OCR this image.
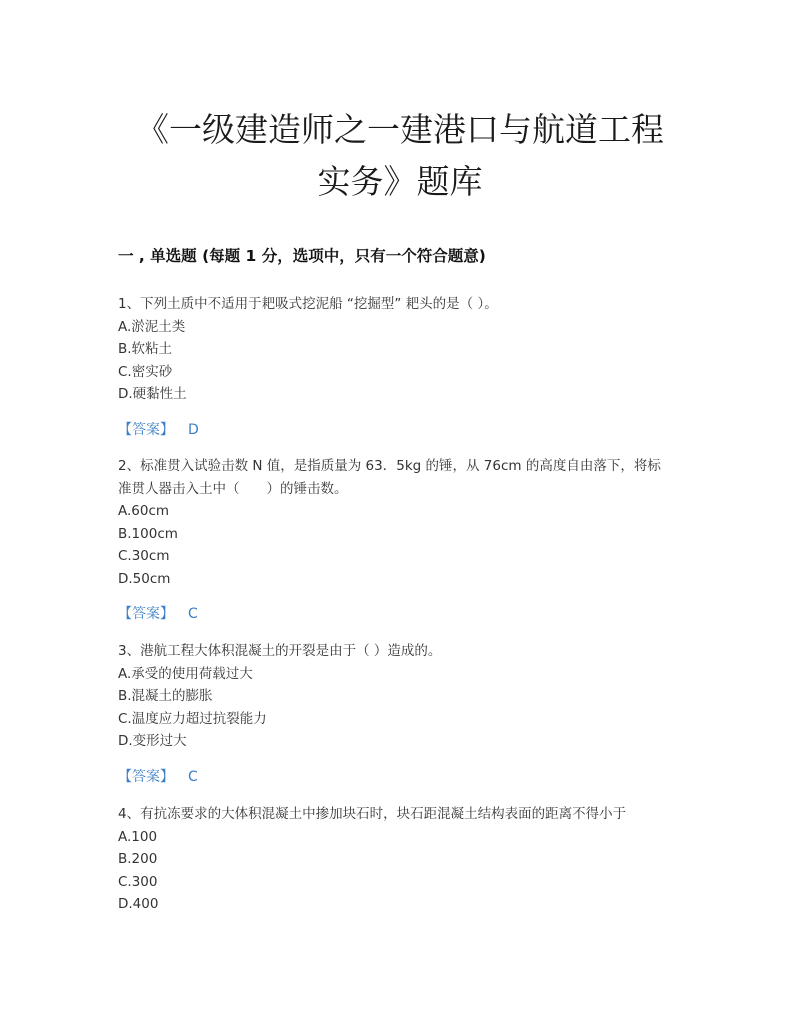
《一级建造师之一建港口与航道工程
实务》题库
一 , 单选题 (每题 1 分，选项中，只有一个符合题意)
1、下列土质中不适用于耙吸式挖泥船 “挖掘型” 耙头的是（ ）。
A.淤泥土类
B.软粘土
C.密实砂
D.硬黏性土
【答案】 D
2、标准贯入试验击数 N 值，是指质量为 63．5kg 的锤，从 76cm 的高度自由落下，将标
准贯人器击入土中（　　）的锤击数。
A.60cm
B.100cm
C.30cm
D.50cm
【答案】 C
3、港航工程大体积混凝土的开裂是由于（ ）造成的。
A.承受的使用荷载过大
B.混凝土的膨胀
C.温度应力超过抗裂能力
D.变形过大
【答案】 C
4、有抗冻要求的大体积混凝土中掺加块石时，块石距混凝土结构表面的距离不得小于
A.100
B.200
C.300
D.400
